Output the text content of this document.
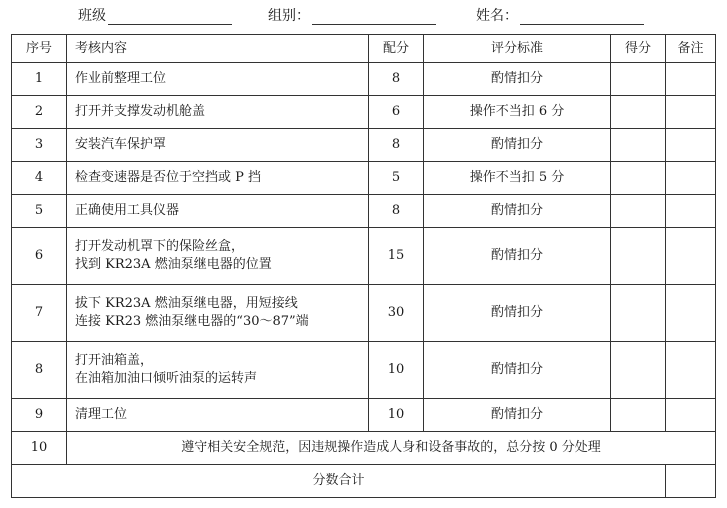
班级	组别：	姓名：
序号	考核内容	配分	评分标准	得分	备注
1	作业前整理工位	8	酌情扣分		
2	打开并支撑发动机舱盖	6	操作不当扣 6 分		
3	安装汽车保护罩	8	酌情扣分		
4	检查变速器是否位于空挡或 P 挡	5	操作不当扣 5 分		
5	正确使用工具仪器	8	酌情扣分		
6	打开发动机罩下的保险丝盒，
找到 KR23A 燃油泵继电器的位置	15	酌情扣分		
7	拔下 KR23A 燃油泵继电器，用短接线
连接 KR23 燃油泵继电器的“30～87”端	30	酌情扣分		
8	打开油箱盖，
在油箱加油口倾听油泵的运转声	10	酌情扣分		
9	清理工位	10	酌情扣分		
10	遵守相关安全规范，因违规操作造成人身和设备事故的，总分按 0 分处理				
分数合计					
